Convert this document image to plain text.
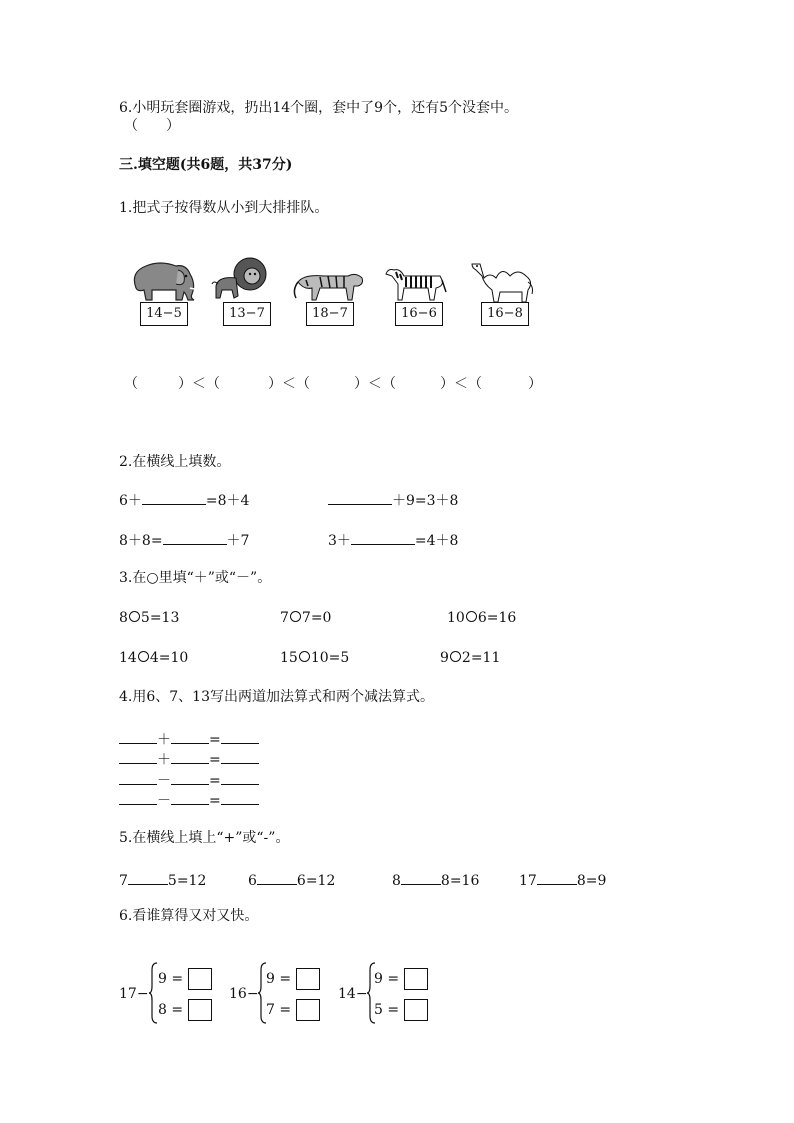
6.小明玩套圈游戏，扔出14个圈，套中了9个，还有5个没套中。
（　　）
三.填空题(共6题，共37分)
1.把式子按得数从小到大排排队。
14−5	13−7	18−7	16−6	16−8
（	）＜（	）＜（	）＜（	）＜（	）
2.在横线上填数。
6＋	=8＋4	＋9=3＋8
8＋8=	＋7	3＋	=4＋8
3.在○里填“＋”或“－”。
8 5=13	7 7=0	10 6=16
14 4=10	15 10=5	9 2=11
4.用6、7、13写出两道加法算式和两个减法算式。
＋	=
＋	=
－	=
－	=
5.在横线上填上“+”或“-”。
7	5=12	6	6=12	8	8=16	17	8=9
6.看谁算得又对又快。
17−
9 =
8 =
16−
9 =
7 =
14−
9 =
5 =
